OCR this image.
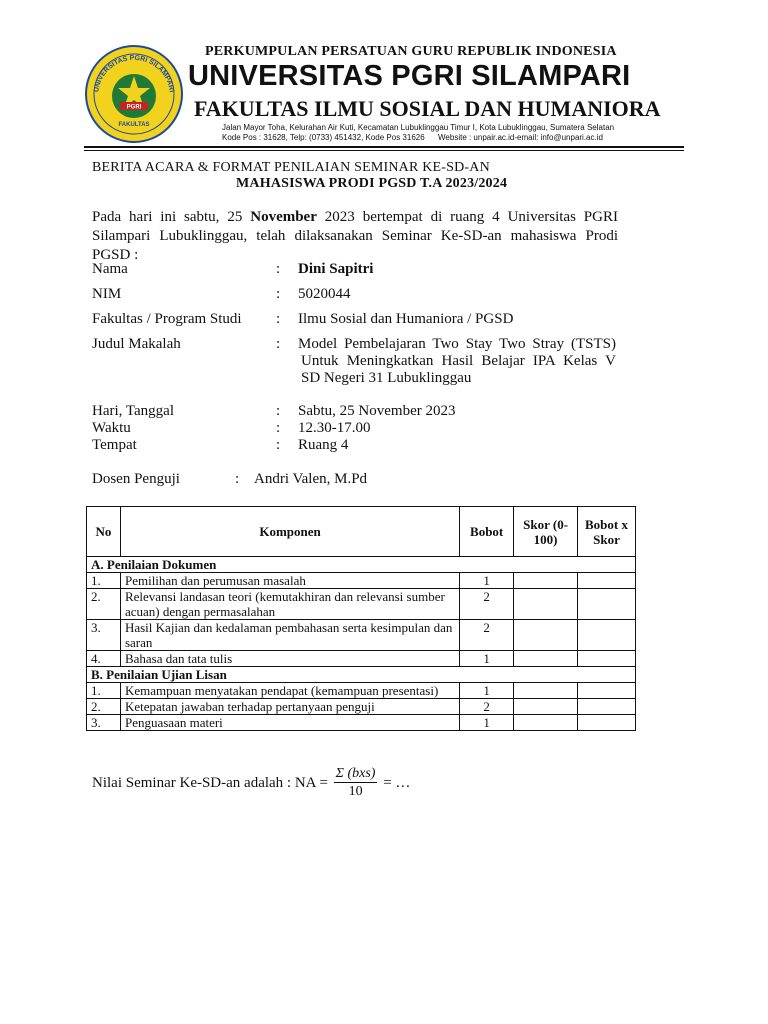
UNIVERSITAS PGRI SILAMPARI
PGRI
FAKULTAS
PERKUMPULAN PERSATUAN GURU REPUBLIK INDONESIA
UNIVERSITAS PGRI SILAMPARI
FAKULTAS ILMU SOSIAL DAN HUMANIORA
Jalan Mayor Toha, Kelurahan Air Kuti, Kecamatan Lubuklinggau Timur I, Kota Lubuklinggau, Sumatera Selatan
Kode Pos : 31628, Telp: (0733) 451432, Kode Pos 31626      Website : unpair.ac.id-email: info@unpari.ac.id
BERITA ACARA & FORMAT PENILAIAN SEMINAR KE-SD-AN
MAHASISWA PRODI PGSD T.A 2023/2024
Pada hari ini sabtu, 25 November 2023 bertempat di ruang 4 Universitas PGRI Silampari Lubuklinggau, telah dilaksanakan Seminar Ke-SD-an mahasiswa Prodi PGSD :
Nama	: Dini Sapitri
NIM	: 5020044
Fakultas / Program Studi : Ilmu Sosial dan Humaniora / PGSD
Judul Makalah	: Model Pembelajaran Two Stay Two Stray (TSTS)
Untuk Meningkatkan Hasil Belajar IPA Kelas V
SD Negeri 31 Lubuklinggau
Hari, Tanggal	: Sabtu, 25 November 2023
Waktu	: 12.30-17.00
Tempat	: Ruang 4
Dosen Penguji	: Andri Valen, M.Pd
No	Komponen	Bobot	Skor (0-100)	Bobot x Skor
A. Penilaian Dokumen				
1.	Pemilihan dan perumusan masalah	1		
2.	Relevansi landasan teori (kemutakhiran dan relevansi sumber acuan) dengan permasalahan	2		
3.	Hasil Kajian dan kedalaman pembahasan serta kesimpulan dan saran	2		
4.	Bahasa dan tata tulis	1		
B. Penilaian Ujian Lisan				
1.	Kemampuan menyatakan pendapat (kemampuan presentasi)	1		
2.	Ketepatan jawaban terhadap pertanyaan penguji	2		
3.	Penguasaan materi	1		
Nilai Seminar Ke-SD-an adalah : NA = $\frac{\text{Σ (bxs)}}{10}$ = …
